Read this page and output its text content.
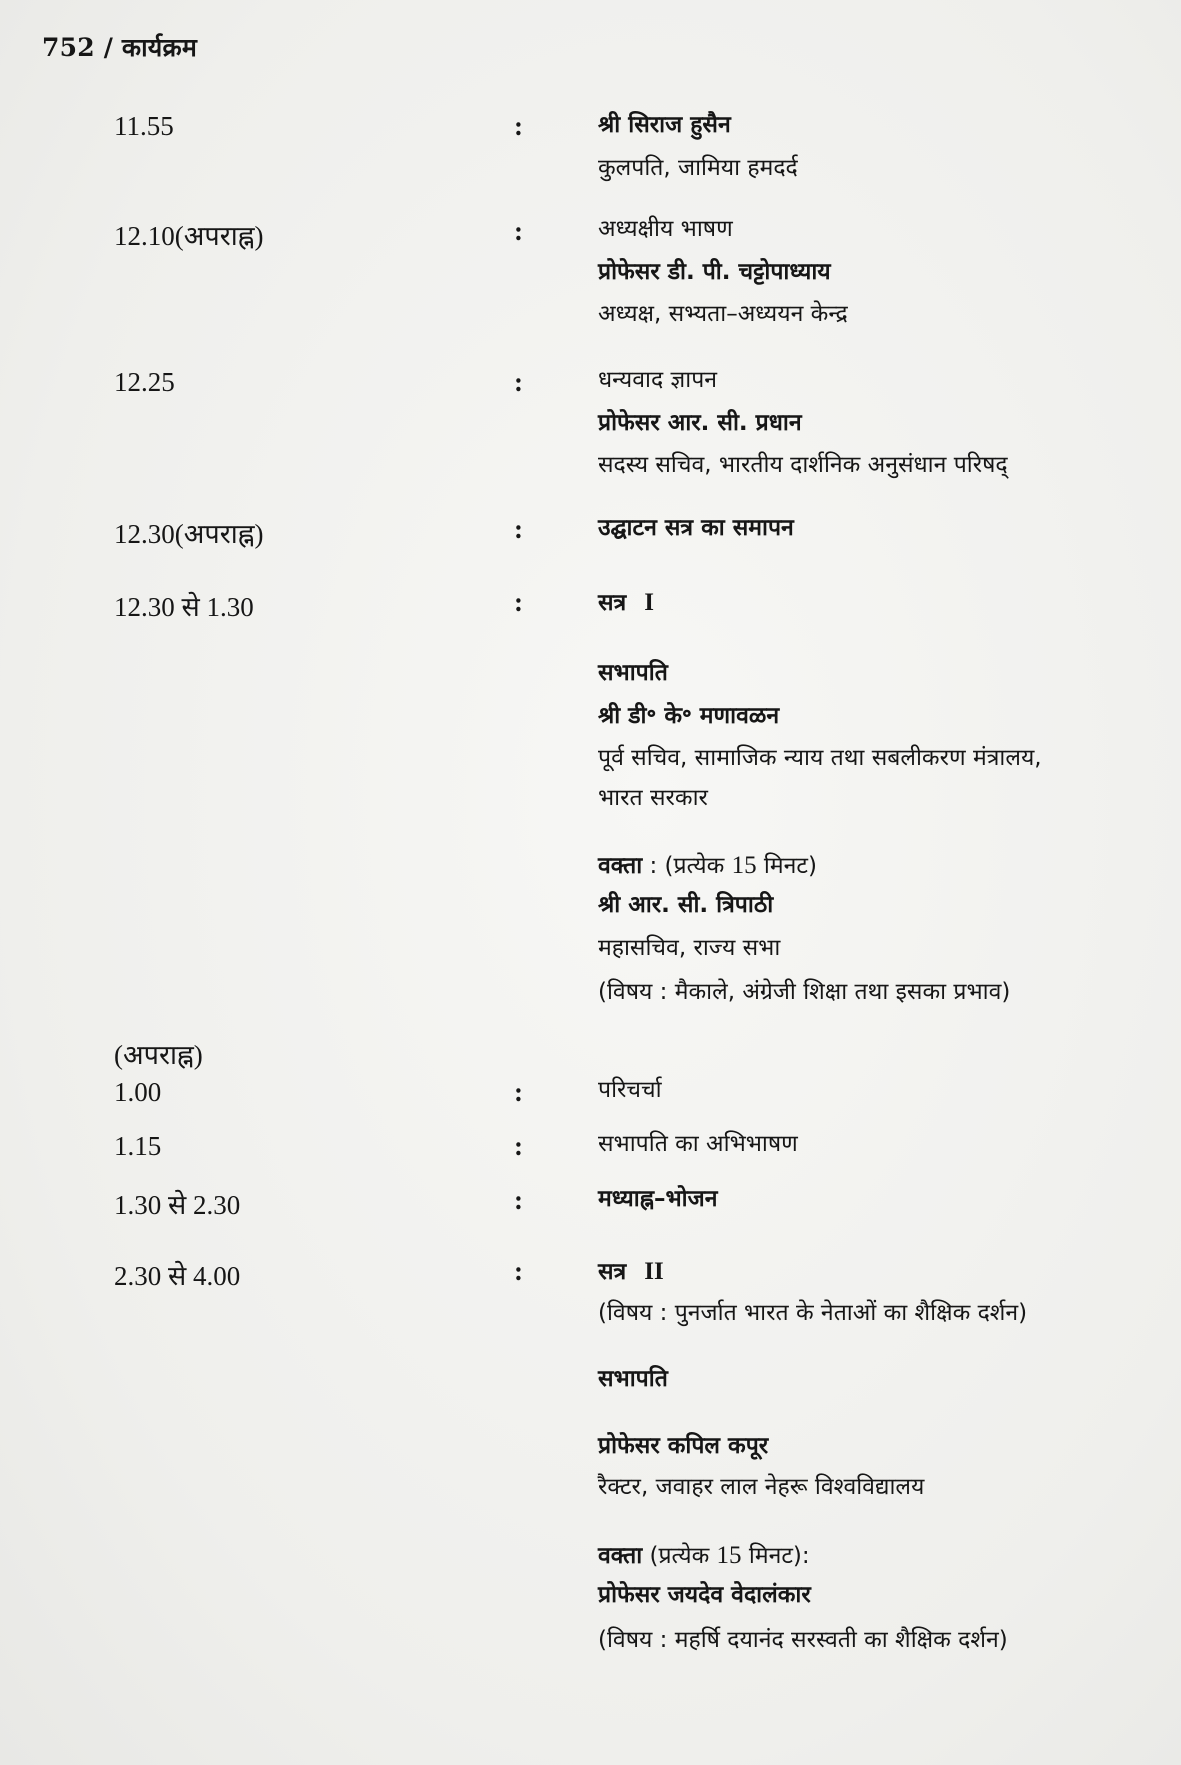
752 / कार्यक्रम
11.55	:	श्री सिराज हुसैन
कुलपति, जामिया हमदर्द
12.10(अपराह्न)	:	अध्यक्षीय भाषण
प्रोफेसर डी. पी. चट्टोपाध्याय
अध्यक्ष, सभ्यता–अध्ययन केन्द्र
12.25	:	धन्यवाद ज्ञापन
प्रोफेसर आर. सी. प्रधान
सदस्य सचिव, भारतीय दार्शनिक अनुसंधान परिषद्
12.30(अपराह्न)	:	उद्घाटन सत्र का समापन
12.30 से 1.30	:	सत्र I
सभापति
श्री डी॰ के॰ मणावळन
पूर्व सचिव, सामाजिक न्याय तथा सबलीकरण मंत्रालय,
भारत सरकार
वक्ता : (प्रत्येक 15 मिनट)
श्री आर. सी. त्रिपाठी
महासचिव, राज्य सभा
(विषय : मैकाले, अंग्रेजी शिक्षा तथा इसका प्रभाव)
(अपराह्न)
1.00	:	परिचर्चा
1.15	:	सभापति का अभिभाषण
1.30 से 2.30	:	मध्याह्न–भोजन
2.30 से 4.00	:	सत्र II
(विषय : पुनर्जात भारत के नेताओं का शैक्षिक दर्शन)
सभापति
प्रोफेसर कपिल कपूर
रैक्टर, जवाहर लाल नेहरू विश्वविद्यालय
वक्ता (प्रत्येक 15 मिनट):
प्रोफेसर जयदेव वेदालंकार
(विषय : महर्षि दयानंद सरस्वती का शैक्षिक दर्शन)
